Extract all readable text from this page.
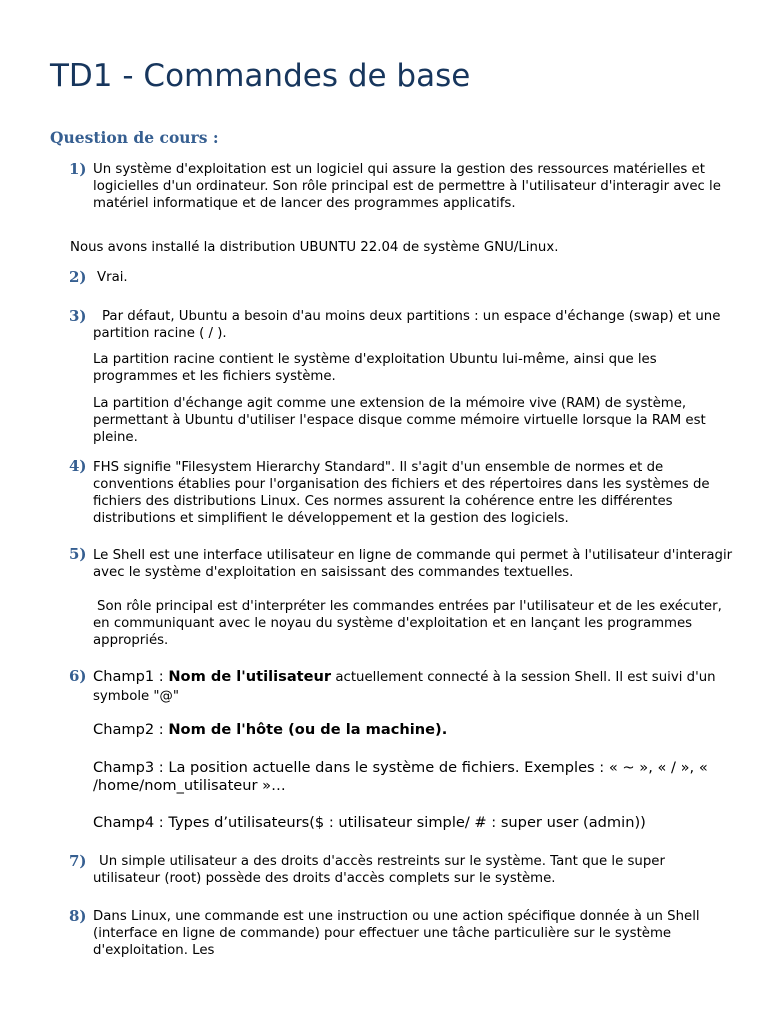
TD1 - Commandes de base
Question de cours :
1) Un système d'exploitation est un logiciel qui assure la gestion des ressources matérielles et logicielles d'un ordinateur. Son rôle principal est de permettre à l'utilisateur d'interagir avec le matériel informatique et de lancer des programmes applicatifs.
Nous avons installé la distribution UBUNTU 22.04 de système GNU/Linux.
2) Vrai.
3)	Par défaut, Ubuntu a besoin d'au moins deux partitions : un espace d'échange (swap) et une partition racine ( / ).
La partition racine contient le système d'exploitation Ubuntu lui-même, ainsi que les programmes et les fichiers système.
La partition d'échange agit comme une extension de la mémoire vive (RAM) de système, permettant à Ubuntu d'utiliser l'espace disque comme mémoire virtuelle lorsque la RAM est pleine.
4) FHS signifie "Filesystem Hierarchy Standard". Il s'agit d'un ensemble de normes et de conventions établies pour l'organisation des fichiers et des répertoires dans les systèmes de fichiers des distributions Linux. Ces normes assurent la cohérence entre les différentes distributions et simplifient le développement et la gestion des logiciels.
5) Le Shell est une interface utilisateur en ligne de commande qui permet à l'utilisateur d'interagir avec le système d'exploitation en saisissant des commandes textuelles.
Son rôle principal est d'interpréter les commandes entrées par l'utilisateur et de les exécuter, en communiquant avec le noyau du système d'exploitation et en lançant les programmes appropriés.
6) Champ1 : Nom de l'utilisateur actuellement connecté à la session Shell. Il est suivi d'un symbole "@"
Champ2 : Nom de l'hôte (ou de la machine).
Champ3 : La position actuelle dans le système de fichiers. Exemples : « ~ », « / », « /home/nom_utilisateur »…
Champ4 : Types d’utilisateurs($ : utilisateur simple/ # : super user (admin))
7) Un simple utilisateur a des droits d'accès restreints sur le système. Tant que le super utilisateur (root) possède des droits d'accès complets sur le système.
8) Dans Linux, une commande est une instruction ou une action spécifique donnée à un Shell (interface en ligne de commande) pour effectuer une tâche particulière sur le système d'exploitation. Les
